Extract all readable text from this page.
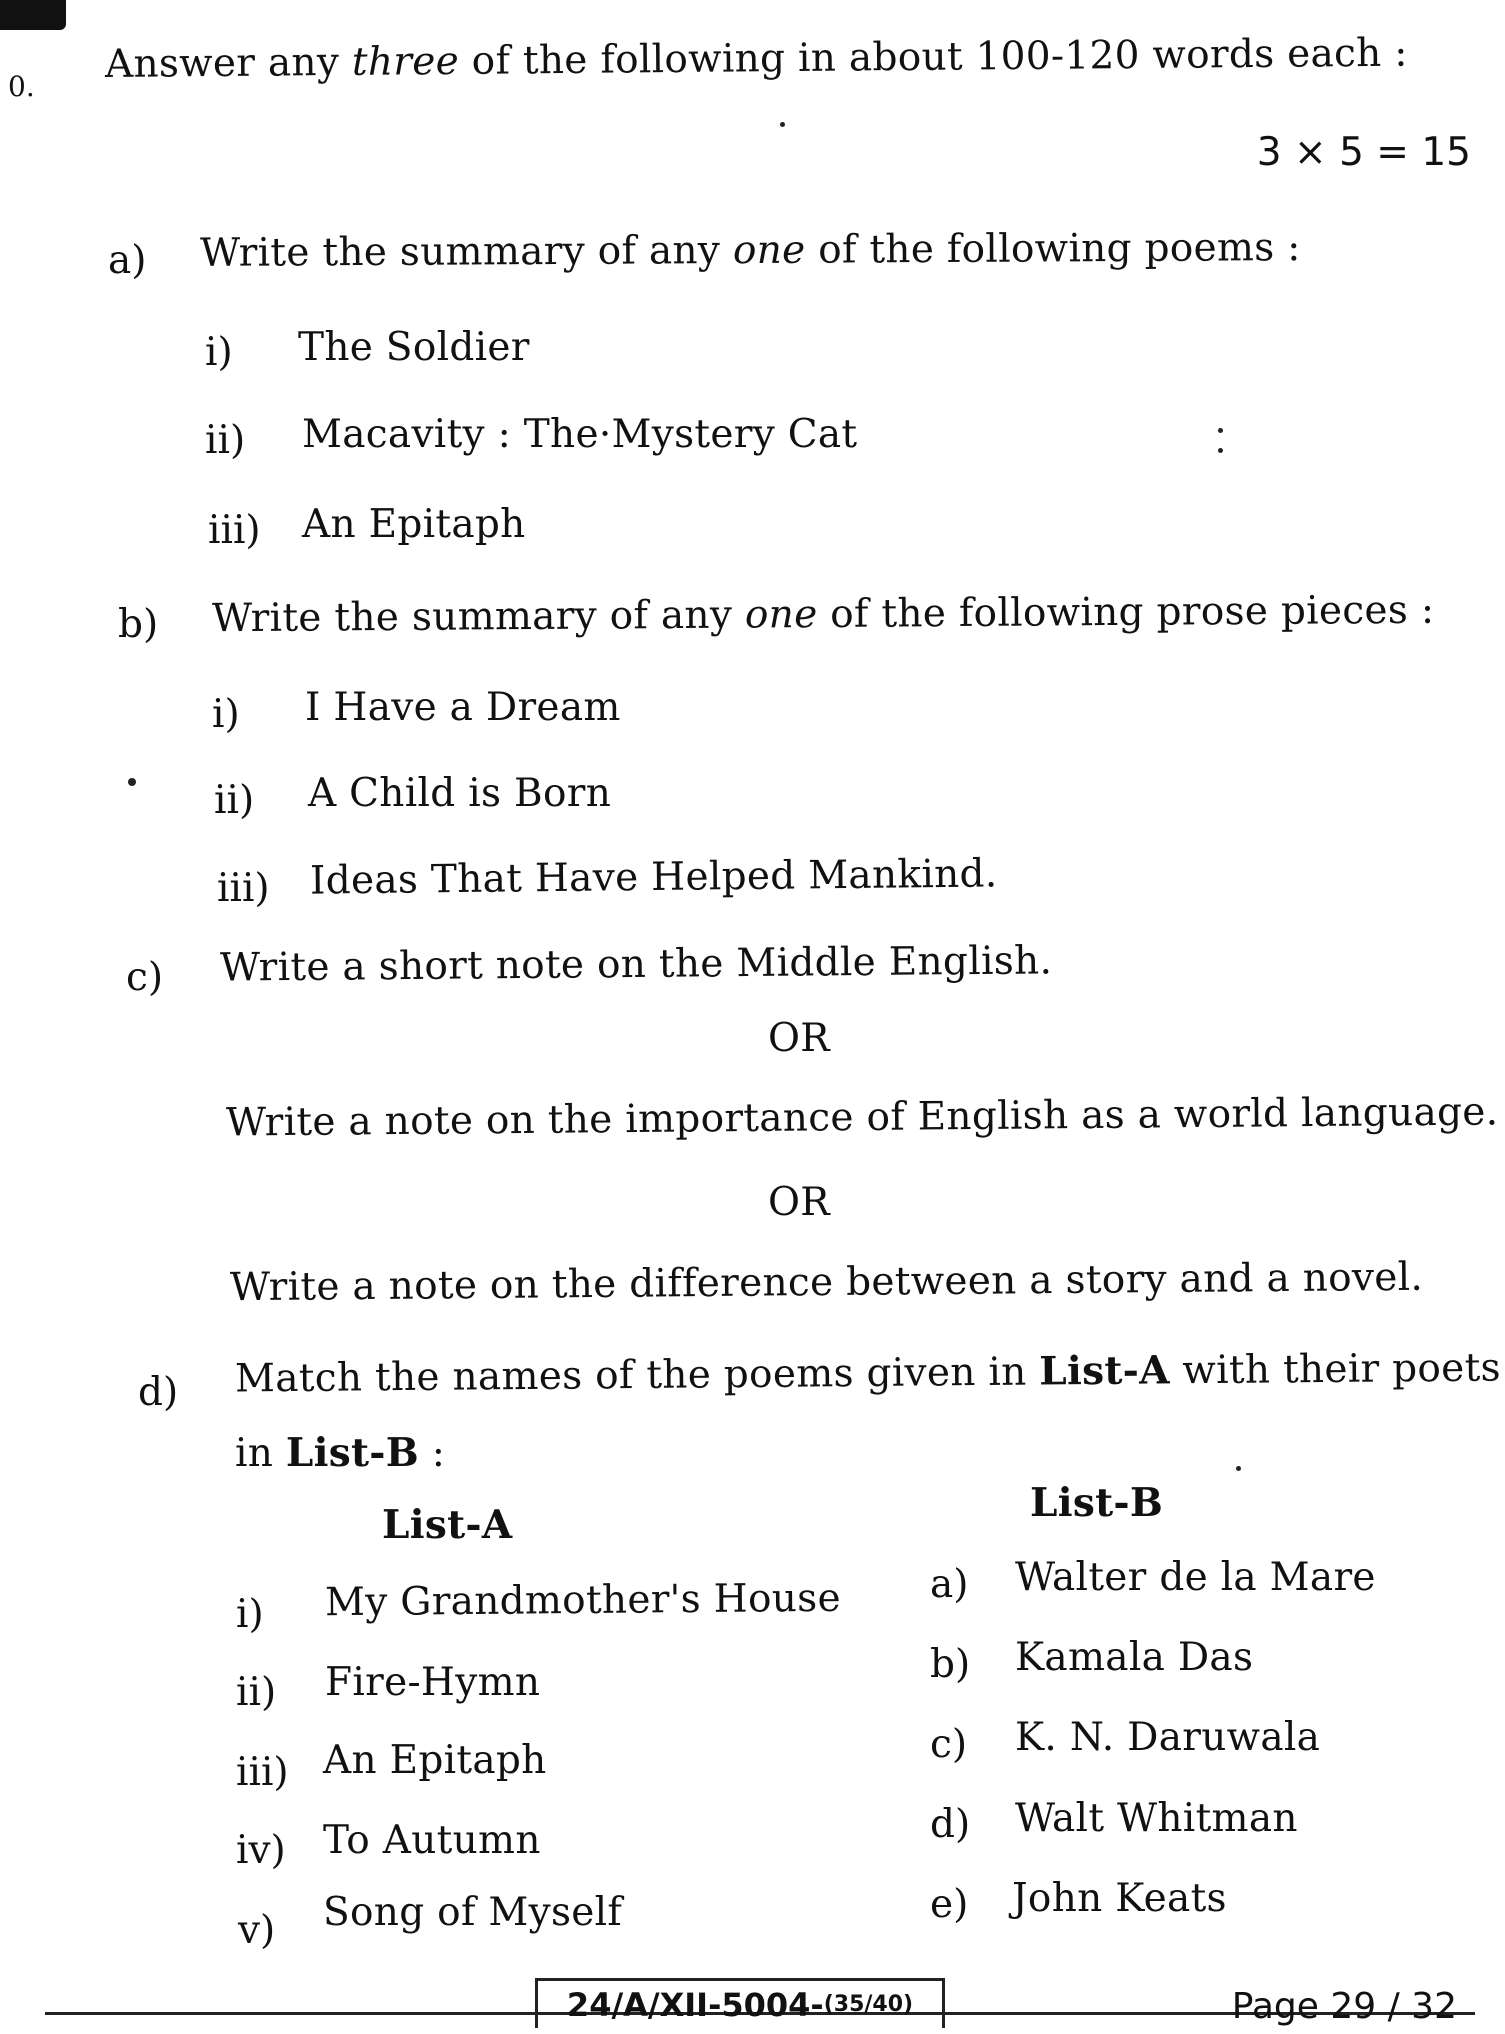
0. Answer any three of the following in about 100-120 words each :
3 × 5 = 15
a) Write the summary of any one of the following poems :
i) The Soldier
ii) Macavity : The·Mystery Cat
iii) An Epitaph
b) Write the summary of any one of the following prose pieces :
i) I Have a Dream
ii) A Child is Born
iii) Ideas That Have Helped Mankind.
c) Write a short note on the Middle English.
OR
Write a note on the importance of English as a world language.
OR
Write a note on the difference between a story and a novel.
d) Match the names of the poems given in List-A with their poets
in List-B :
List-A	List-B
i) My Grandmother's House
ii) Fire-Hymn
iii) An Epitaph
iv) To Autumn
v) Song of Myself
a) Walter de la Mare
b) Kamala Das
c) K. N. Daruwala
d) Walt Whitman
e) John Keats
24/A/XII-5004- (35/40)	Page 29 / 32
